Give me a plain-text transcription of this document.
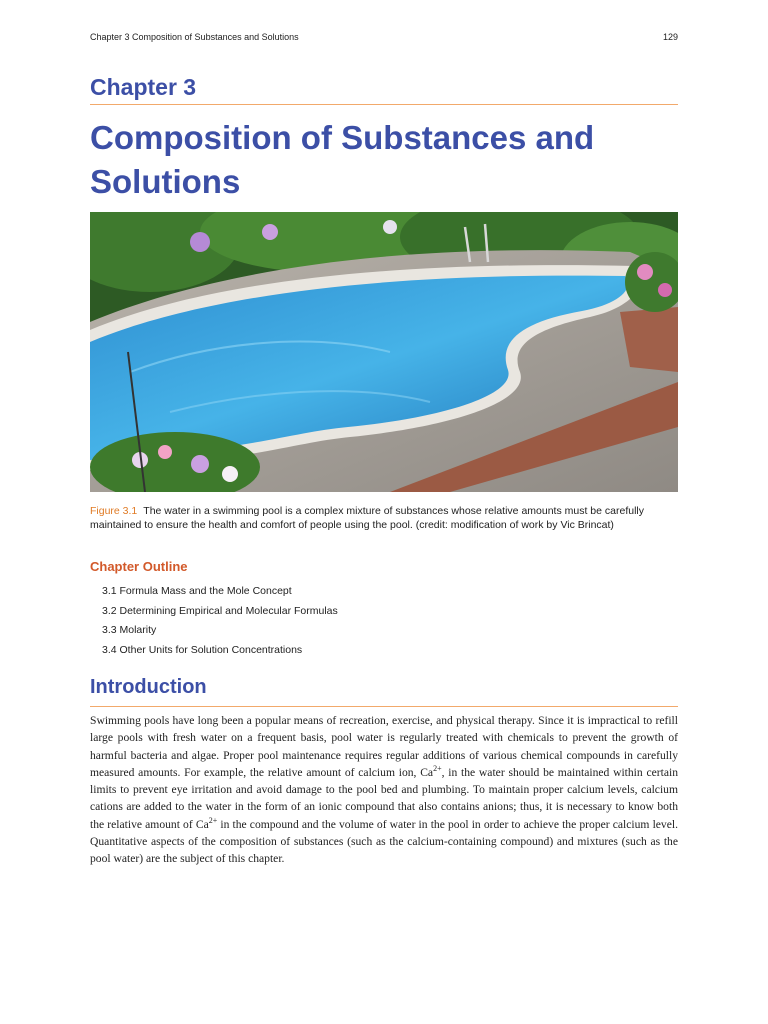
Chapter 3 Composition of Substances and Solutions	129
Chapter 3
Composition of Substances and Solutions
Figure 3.1 The water in a swimming pool is a complex mixture of substances whose relative amounts must be carefully maintained to ensure the health and comfort of people using the pool. (credit: modification of work by Vic Brincat)
Chapter Outline
3.1 Formula Mass and the Mole Concept
3.2 Determining Empirical and Molecular Formulas
3.3 Molarity
3.4 Other Units for Solution Concentrations
Introduction
Swimming pools have long been a popular means of recreation, exercise, and physical therapy. Since it is impractical to refill large pools with fresh water on a frequent basis, pool water is regularly treated with chemicals to prevent the growth of harmful bacteria and algae. Proper pool maintenance requires regular additions of various chemical compounds in carefully measured amounts. For example, the relative amount of calcium ion, $Ca^{2+}$, in the water should be maintained within certain limits to prevent eye irritation and avoid damage to the pool bed and plumbing. To maintain proper calcium levels, calcium cations are added to the water in the form of an ionic compound that also contains anions; thus, it is necessary to know both the relative amount of $Ca^{2+}$ in the compound and the volume of water in the pool in order to achieve the proper calcium level. Quantitative aspects of the composition of substances (such as the calcium-containing compound) and mixtures (such as the pool water) are the subject of this chapter.
